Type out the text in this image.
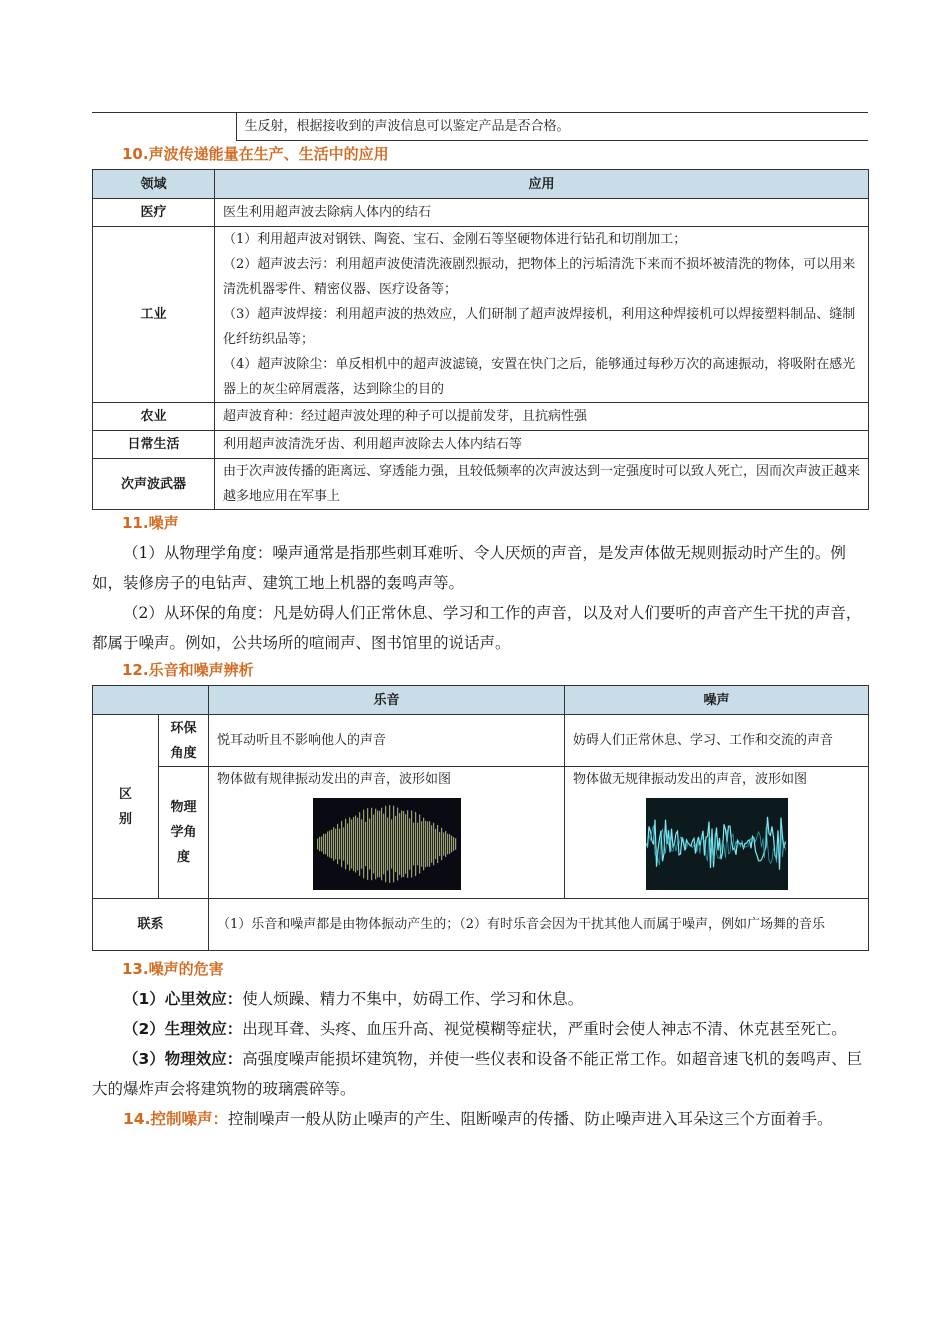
	生反射，根据接收到的声波信息可以鉴定产品是否合格。
10.声波传递能量在生产、生活中的应用
领域	应用
医疗	医生利用超声波去除病人体内的结石
工业	（1）利用超声波对钢铁、陶瓷、宝石、金刚石等坚硬物体进行钻孔和切削加工；
（2）超声波去污：利用超声波使清洗液剧烈振动，把物体上的污垢清洗下来而不损坏被清洗的物体，可以用来清洗机器零件、精密仪器、医疗设备等；
（3）超声波焊接：利用超声波的热效应，人们研制了超声波焊接机，利用这种焊接机可以焊接塑料制品、缝制化纤纺织品等；
（4）超声波除尘：单反相机中的超声波滤镜，安置在快门之后，能够通过每秒万次的高速振动，将吸附在感光器上的灰尘碎屑震落，达到除尘的目的

农业	超声波育种：经过超声波处理的种子可以提前发芽，且抗病性强
日常生活	利用超声波清洗牙齿、利用超声波除去人体内结石等
次声波武器	由于次声波传播的距离远、穿透能力强，且较低频率的次声波达到一定强度时可以致人死亡，因而次声波正越来越多地应用在军事上
11.噪声

（1）从物理学角度：噪声通常是指那些刺耳难听、令人厌烦的声音，是发声体做无规则振动时产生的。例如，装修房子的电钻声、建筑工地上机器的轰鸣声等。

（2）从环保的角度：凡是妨碍人们正常休息、学习和工作的声音，以及对人们要听的声音产生干扰的声音，都属于噪声。例如，公共场所的喧闹声、图书馆里的说话声。

12.乐音和噪声辨析
		乐音	噪声
区别	环保角度	悦耳动听且不影响他人的声音	妨碍人们正常休息、学习、工作和交流的声音
	物理学角度	物体做有规律振动发出的声音，波形如图	物体做无规律振动发出的声音，波形如图

联系		（1）乐音和噪声都是由物体振动产生的；（2）有时乐音会因为干扰其他人而属于噪声，例如广场舞的音乐	
13.噪声的危害

（1）心里效应：使人烦躁、精力不集中，妨碍工作、学习和休息。

（2）生理效应：出现耳聋、头疼、血压升高、视觉模糊等症状，严重时会使人神志不清、休克甚至死亡。

（3）物理效应：高强度噪声能损坏建筑物，并使一些仪表和设备不能正常工作。如超音速飞机的轰鸣声、巨大的爆炸声会将建筑物的玻璃震碎等。

14.控制噪声：控制噪声一般从防止噪声的产生、阻断噪声的传播、防止噪声进入耳朵这三个方面着手。
